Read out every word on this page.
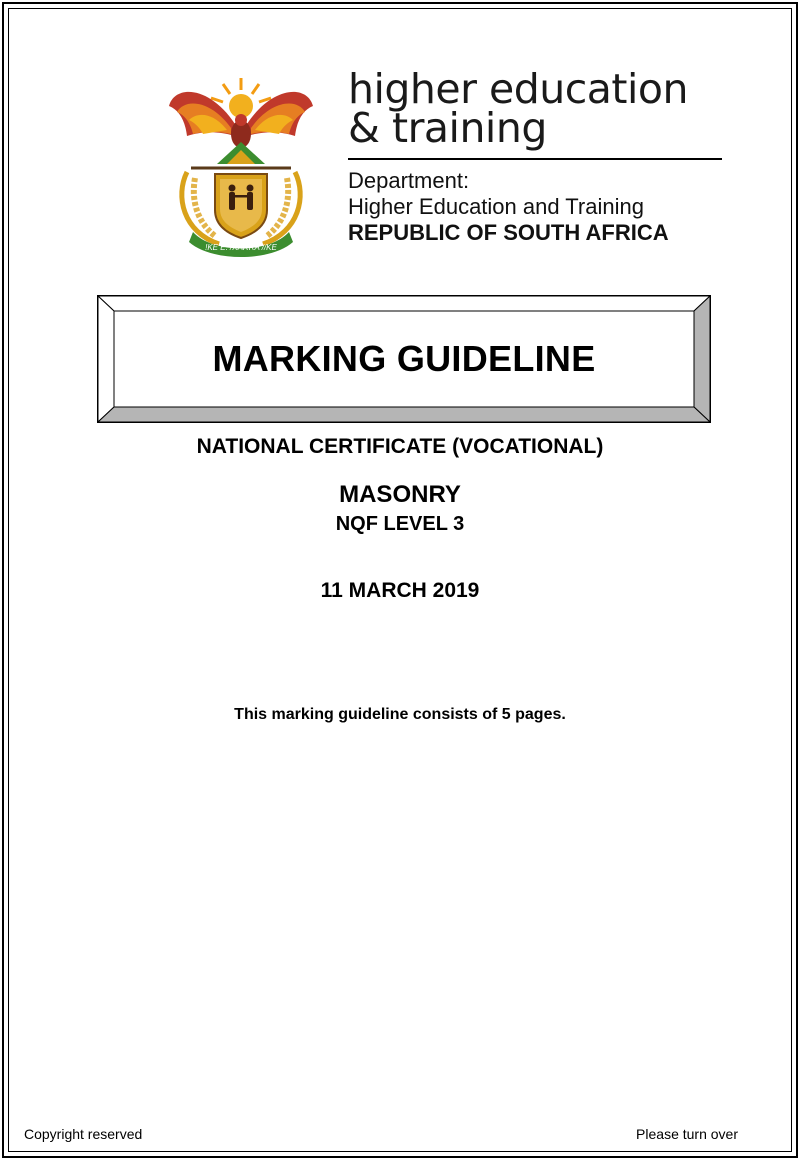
!KE E: /XARRA //KE
higher education
& training
Department:
Higher Education and Training
REPUBLIC OF SOUTH AFRICA
MARKING GUIDELINE
NATIONAL CERTIFICATE (VOCATIONAL)
MASONRY
NQF LEVEL 3
11 MARCH 2019
This marking guideline consists of 5 pages.
Copyright reserved	Please turn over
